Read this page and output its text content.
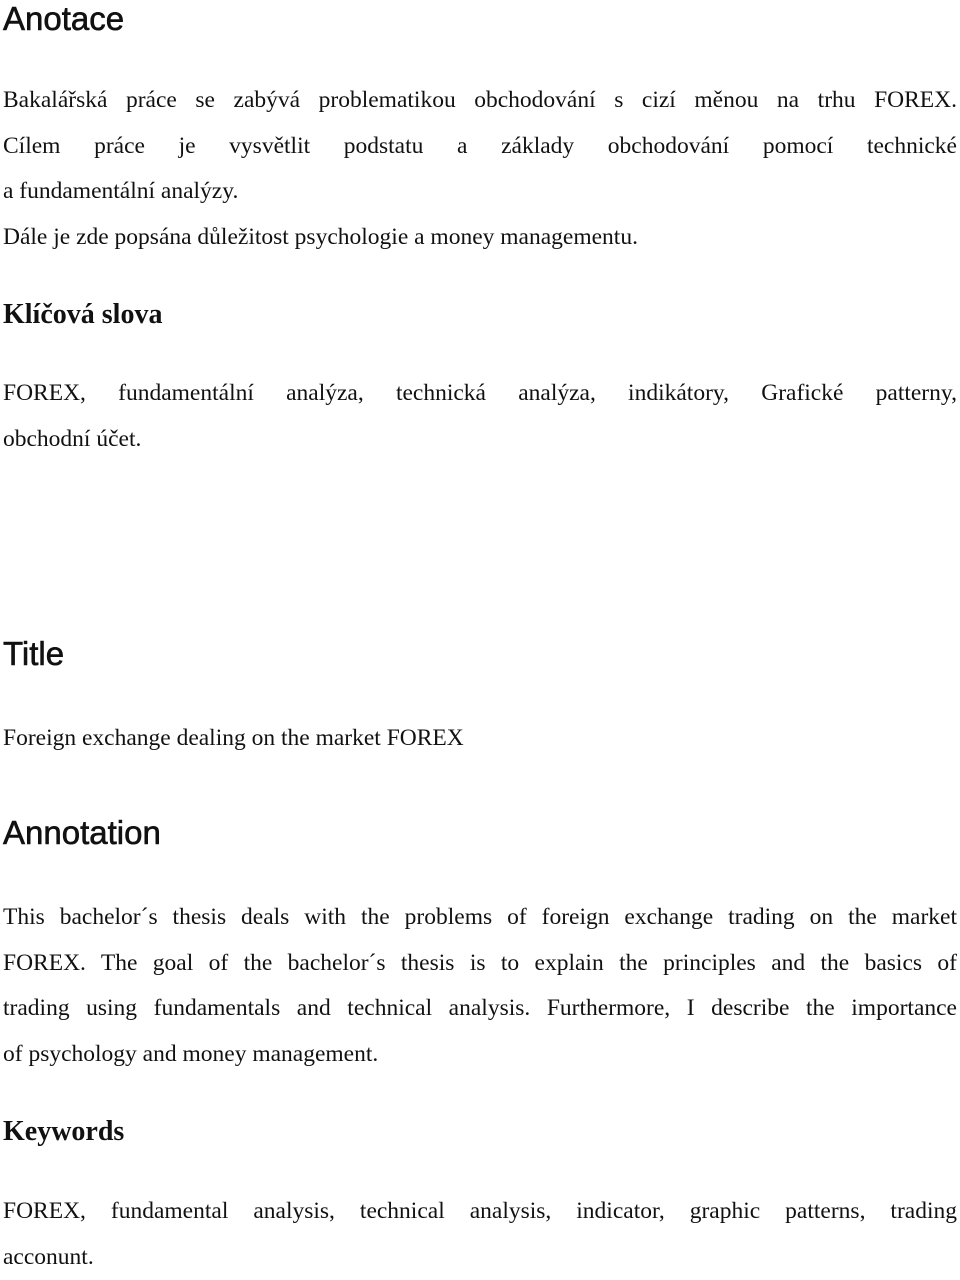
Anotace
Bakalářská práce se zabývá problematikou obchodování s cizí měnou na trhu FOREX.
Cílem práce je vysvětlit podstatu a základy obchodování pomocí technické
a fundamentální analýzy.
Dále je zde popsána důležitost psychologie a money managementu.
Klíčová slova
FOREX, fundamentální analýza, technická analýza, indikátory, Grafické patterny,
obchodní účet.
Title
Foreign exchange dealing on the market FOREX
Annotation
This bachelor´s thesis deals with the problems of foreign exchange trading on the market
FOREX. The goal of the bachelor´s thesis is to explain the principles and the basics of
trading using fundamentals and technical analysis. Furthermore, I describe the importance
of psychology and money management.
Keywords
FOREX, fundamental analysis, technical analysis, indicator, graphic patterns, trading
acconunt.
